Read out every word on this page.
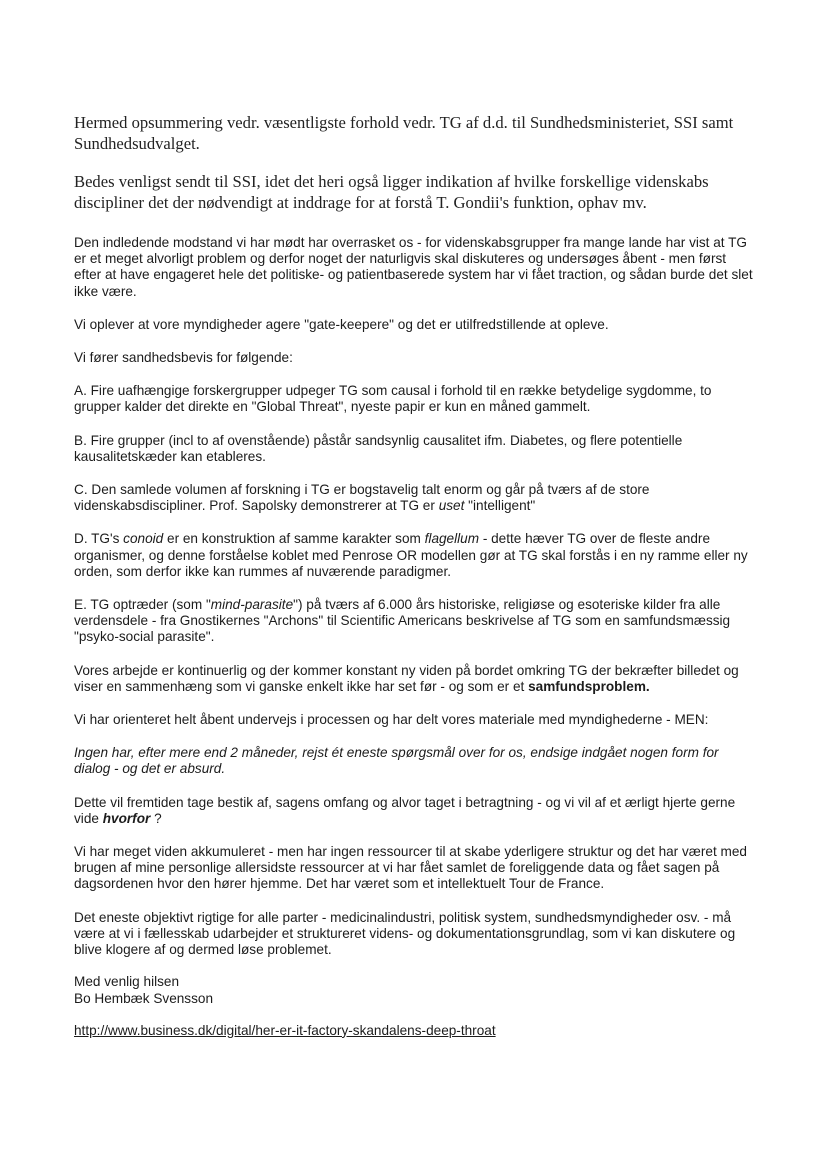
Hermed opsummering vedr. væsentligste forhold vedr. TG af d.d. til Sundhedsministeriet, SSI samt Sundhedsudvalget.

Bedes venligst sendt til SSI, idet det heri også ligger indikation af hvilke forskellige videnskabs discipliner det der nødvendigt at inddrage for at forstå T. Gondii's funktion, ophav mv.

Den indledende modstand vi har mødt har overrasket os - for videnskabsgrupper fra mange lande har vist at TG er et meget alvorligt problem og derfor noget der naturligvis skal diskuteres og undersøges åbent - men først efter at have engageret hele det politiske- og patientbaserede system har vi fået traction, og sådan burde det slet ikke være.

Vi oplever at vore myndigheder agere "gate-keepere" og det er utilfredstillende at opleve.

Vi fører sandhedsbevis for følgende:

A. Fire uafhængige forskergrupper udpeger TG som causal i forhold til en række betydelige sygdomme, to grupper kalder det direkte en "Global Threat", nyeste papir er kun en måned gammelt.

B. Fire grupper (incl to af ovenstående) påstår sandsynlig causalitet ifm. Diabetes, og flere potentielle kausalitetskæder kan etableres.

C. Den samlede volumen af forskning i TG er bogstavelig talt enorm og går på tværs af de store videnskabsdiscipliner. Prof. Sapolsky demonstrerer at TG er uset "intelligent"

D. TG's conoid er en konstruktion af samme karakter som flagellum - dette hæver TG over de fleste andre organismer, og denne forståelse koblet med Penrose OR modellen gør at TG skal forstås i en ny ramme eller ny orden, som derfor ikke kan rummes af nuværende paradigmer.

E. TG optræder (som "mind-parasite") på tværs af 6.000 års historiske, religiøse og esoteriske kilder fra alle verdensdele - fra Gnostikernes "Archons" til Scientific Americans beskrivelse af TG som en samfundsmæssig "psyko-social parasite".

Vores arbejde er kontinuerlig og der kommer konstant ny viden på bordet omkring TG der bekræfter billedet og viser en sammenhæng som vi ganske enkelt ikke har set før - og som er et samfundsproblem.

Vi har orienteret helt åbent undervejs i processen og har delt vores materiale med myndighederne - MEN:

Ingen har, efter mere end 2 måneder, rejst ét eneste spørgsmål over for os, endsige indgået nogen form for dialog - og det er absurd.

Dette vil fremtiden tage bestik af, sagens omfang og alvor taget i betragtning - og vi vil af et ærligt hjerte gerne vide hvorfor ?

Vi har meget viden akkumuleret - men har ingen ressourcer til at skabe yderligere struktur og det har været med brugen af mine personlige allersidste ressourcer at vi har fået samlet de foreliggende data og fået sagen på dagsordenen hvor den hører hjemme. Det har været som et intellektuelt Tour de France.

Det eneste objektivt rigtige for alle parter - medicinalindustri, politisk system, sundhedsmyndigheder osv. - må være at vi i fællesskab udarbejder et struktureret videns- og dokumentationsgrundlag, som vi kan diskutere og blive klogere af og dermed løse problemet.

Med venlig hilsen
Bo Hembæk Svensson

http://www.business.dk/digital/her-er-it-factory-skandalens-deep-throat
